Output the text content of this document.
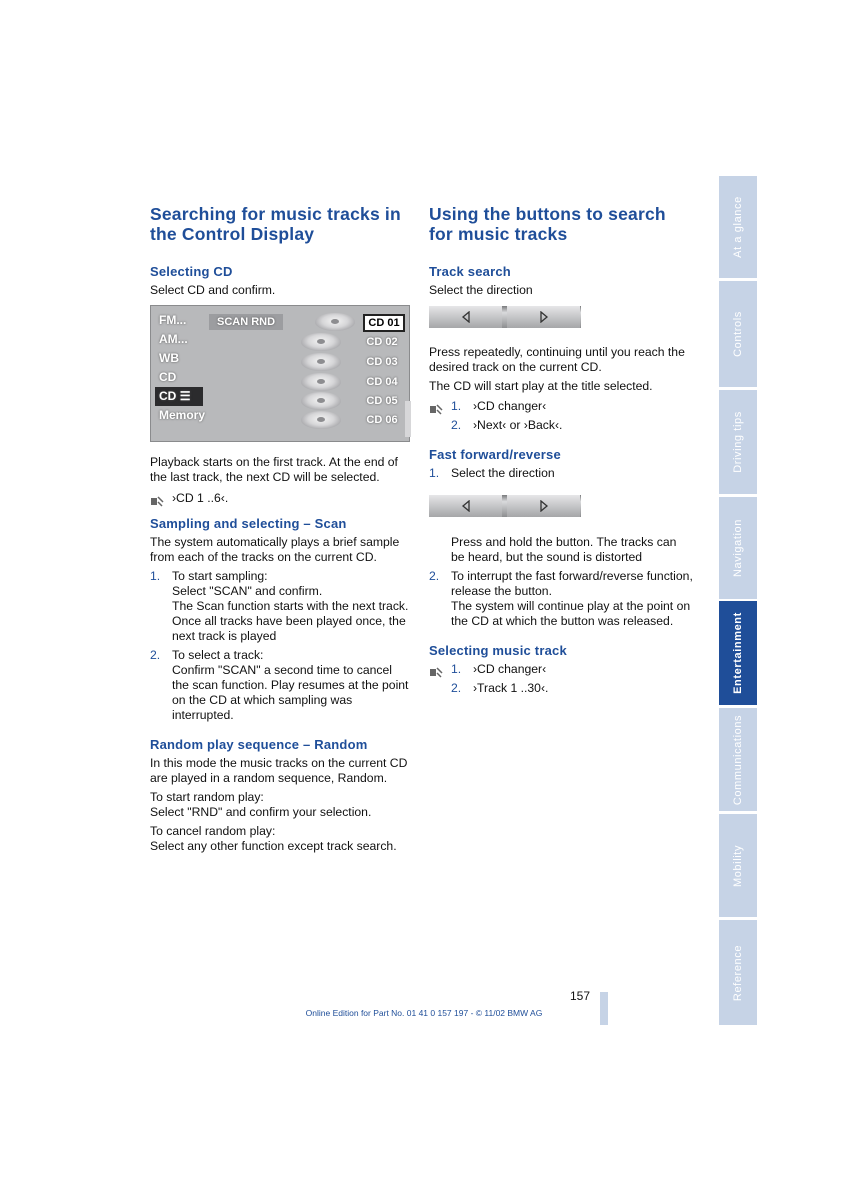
Searching for music tracks in the Control Display
Selecting CD

Select CD and confirm.

FM...
AM...
WB
CD
CD ☰
Memory
SCAN RND	CD 01
CD 02
CD 03
CD 04
CD 05
CD 06

Playback starts on the first track. At the end of the last track, the next CD will be selected.

›CD 1 ..6‹.
Sampling and selecting – Scan

The system automatically plays a brief sample from each of the tracks on the current CD.

1. To start sampling:
Select "SCAN" and confirm.
The Scan function starts with the next track. Once all tracks have been played once, the next track is played
2. To select a track:
Confirm "SCAN" a second time to cancel the scan function. Play resumes at the point on the CD at which sampling was interrupted.
Random play sequence – Random

In this mode the music tracks on the current CD are played in a random sequence, Random.

To start random play:
Select "RND" and confirm your selection.

To cancel random play:
Select any other function except track search.

Using the buttons to search for music tracks
Track search

Select the direction

Press repeatedly, continuing until you reach the desired track on the current CD.

The CD will start play at the title selected.

1. ›CD changer‹
2. ›Next‹ or ›Back‹.
Fast forward/reverse
1. Select the direction

Press and hold the button. The tracks can be heard, but the sound is distorted

2. To interrupt the fast forward/reverse function, release the button.
The system will continue play at the point on the CD at which the button was released.
Selecting music track
1. ›CD changer‹
2. ›Track 1 ..30‹.
At a glance
Controls
Driving tips
Navigation
Entertainment
Communications
Mobility
Reference
157
Online Edition for Part No. 01 41 0 157 197 - © 11/02 BMW AG
